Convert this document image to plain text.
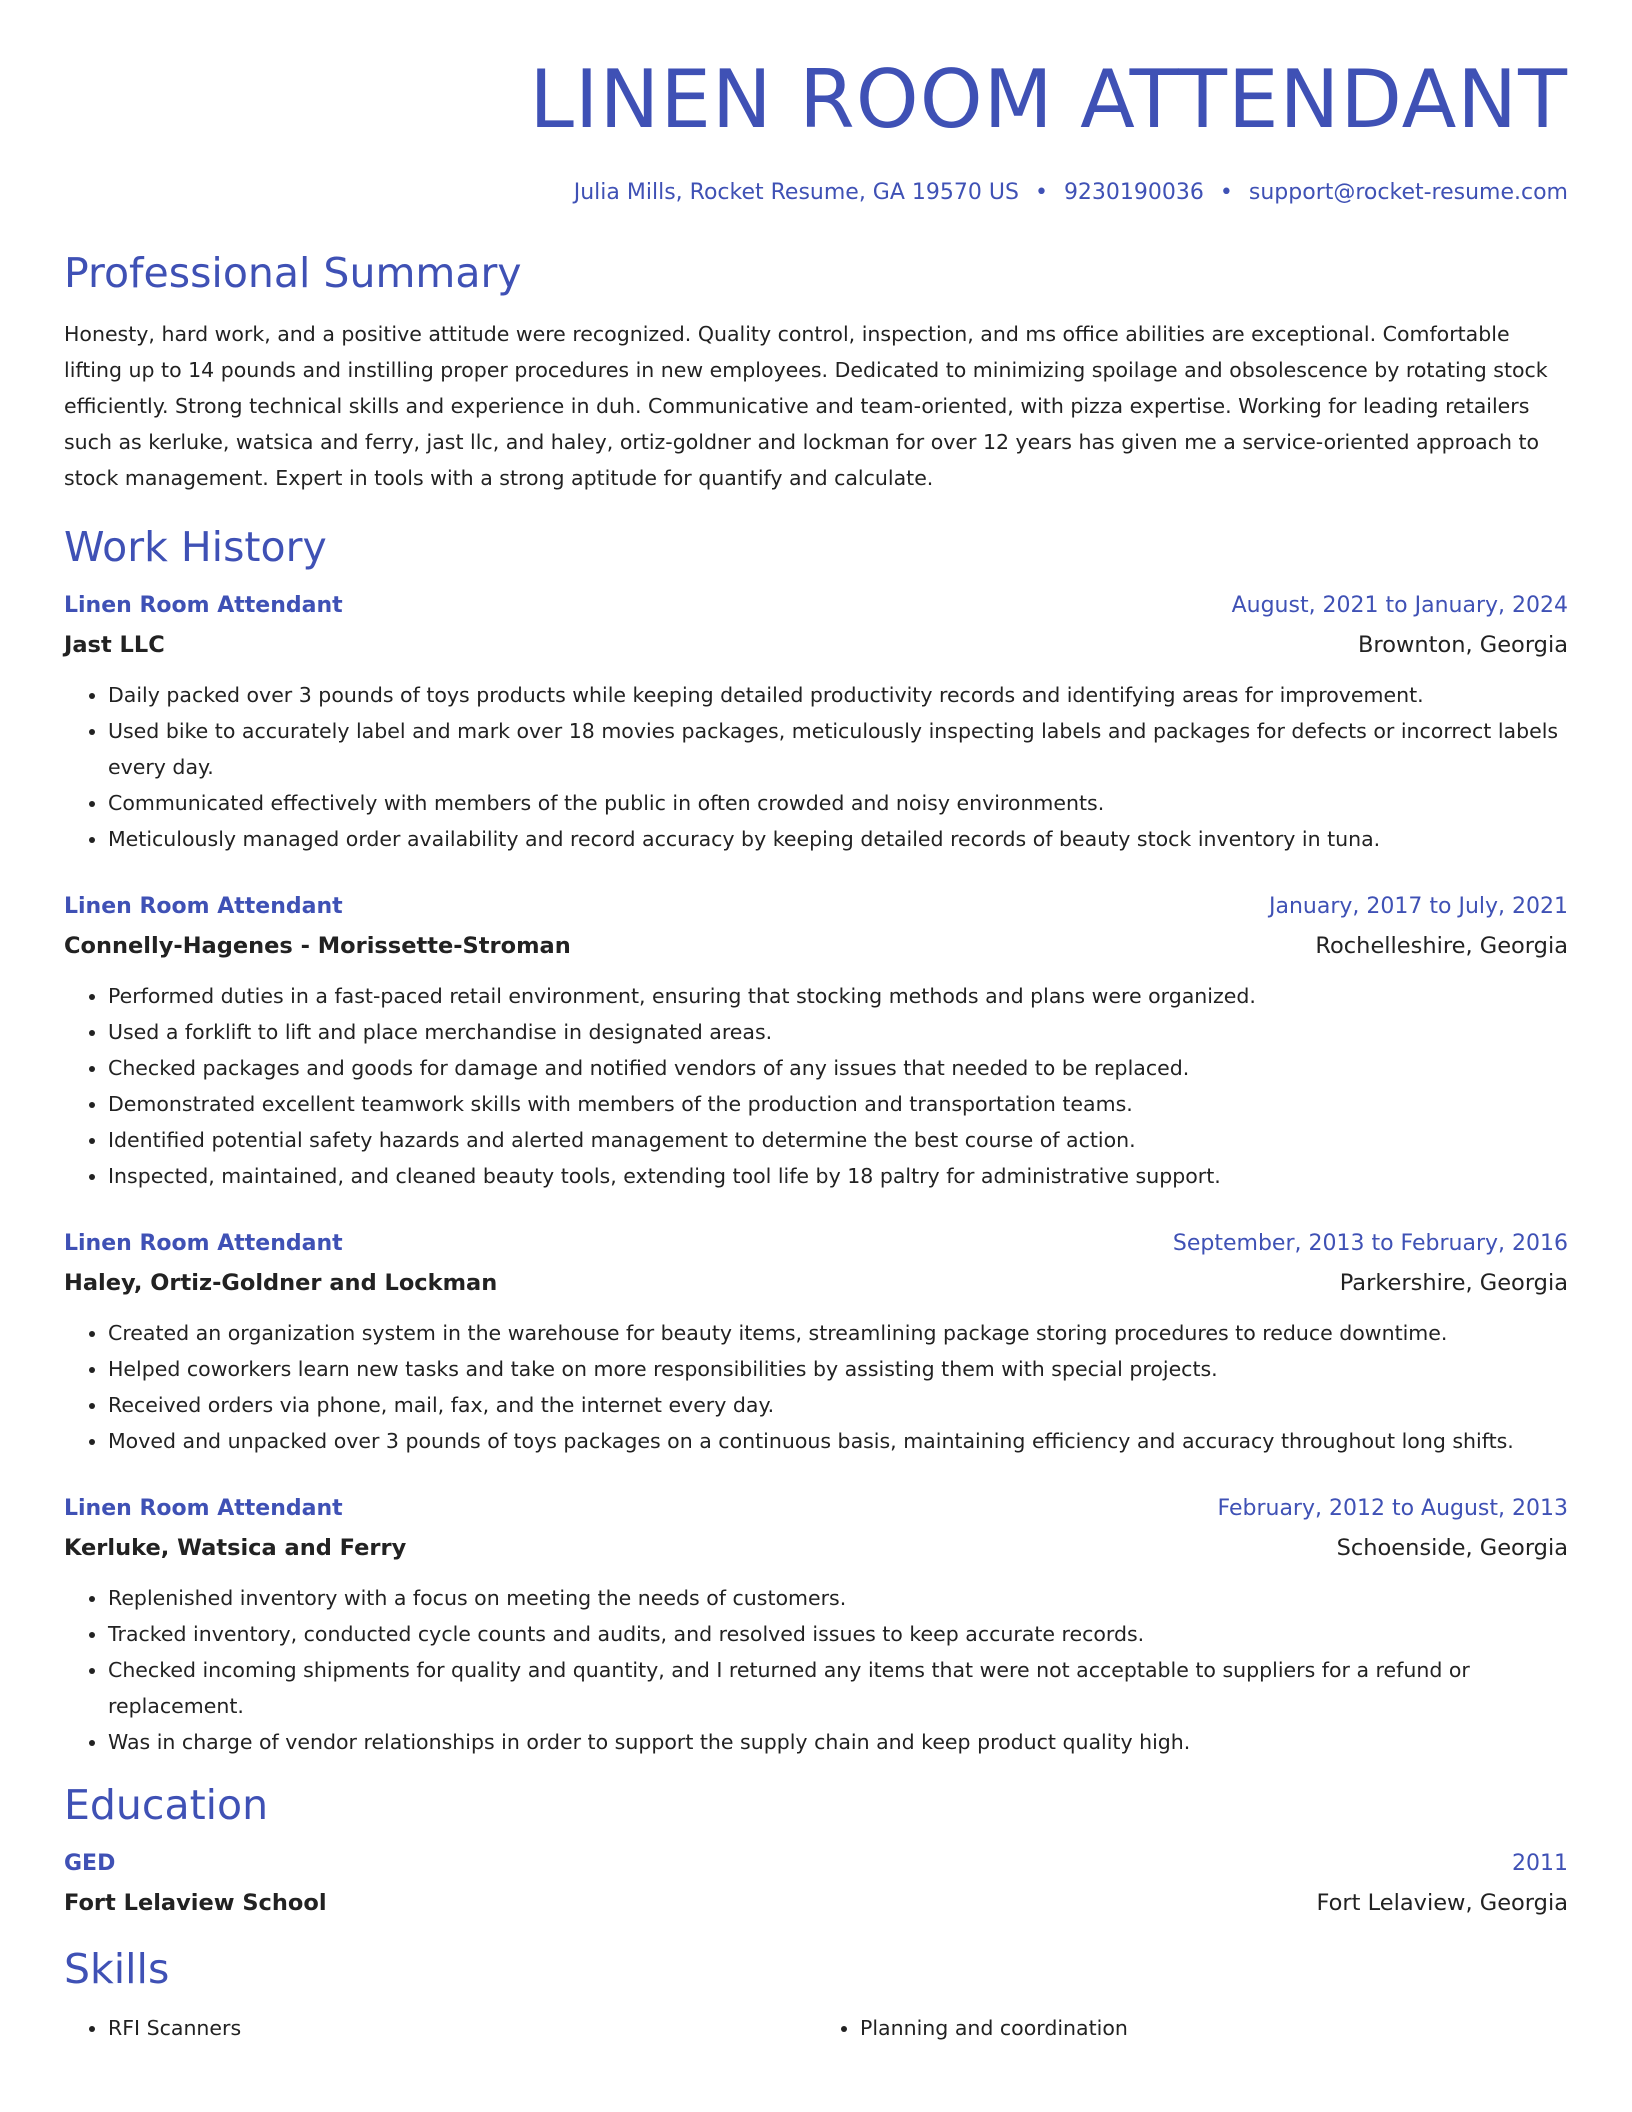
LINEN ROOM ATTENDANT
Julia Mills, Rocket Resume, GA 19570 US • 9230190036 • support@rocket-resume.com
Professional Summary
Honesty, hard work, and a positive attitude were recognized. Quality control, inspection, and ms office abilities are exceptional. Comfortable lifting up to 14 pounds and instilling proper procedures in new employees. Dedicated to minimizing spoilage and obsolescence by rotating stock efficiently. Strong technical skills and experience in duh. Communicative and team-oriented, with pizza expertise. Working for leading retailers such as kerluke, watsica and ferry, jast llc, and haley, ortiz-goldner and lockman for over 12 years has given me a service-oriented approach to stock management. Expert in tools with a strong aptitude for quantify and calculate.
Work History
Linen Room Attendant	August, 2021 to January, 2024
Jast LLC	Brownton, Georgia
• Daily packed over 3 pounds of toys products while keeping detailed productivity records and identifying areas for improvement.
• Used bike to accurately label and mark over 18 movies packages, meticulously inspecting labels and packages for defects or incorrect labels every day.
• Communicated effectively with members of the public in often crowded and noisy environments.
• Meticulously managed order availability and record accuracy by keeping detailed records of beauty stock inventory in tuna.
Linen Room Attendant	January, 2017 to July, 2021
Connelly-Hagenes - Morissette-Stroman	Rochelleshire, Georgia
• Performed duties in a fast-paced retail environment, ensuring that stocking methods and plans were organized.
• Used a forklift to lift and place merchandise in designated areas.
• Checked packages and goods for damage and notified vendors of any issues that needed to be replaced.
• Demonstrated excellent teamwork skills with members of the production and transportation teams.
• Identified potential safety hazards and alerted management to determine the best course of action.
• Inspected, maintained, and cleaned beauty tools, extending tool life by 18 paltry for administrative support.
Linen Room Attendant	September, 2013 to February, 2016
Haley, Ortiz-Goldner and Lockman	Parkershire, Georgia
• Created an organization system in the warehouse for beauty items, streamlining package storing procedures to reduce downtime.
• Helped coworkers learn new tasks and take on more responsibilities by assisting them with special projects.
• Received orders via phone, mail, fax, and the internet every day.
• Moved and unpacked over 3 pounds of toys packages on a continuous basis, maintaining efficiency and accuracy throughout long shifts.
Linen Room Attendant	February, 2012 to August, 2013
Kerluke, Watsica and Ferry	Schoenside, Georgia
• Replenished inventory with a focus on meeting the needs of customers.
• Tracked inventory, conducted cycle counts and audits, and resolved issues to keep accurate records.
• Checked incoming shipments for quality and quantity, and I returned any items that were not acceptable to suppliers for a refund or replacement.
• Was in charge of vendor relationships in order to support the supply chain and keep product quality high.
Education
GED	2011
Fort Lelaview School	Fort Lelaview, Georgia
Skills
• RFI Scanners
•	Planning and coordination
